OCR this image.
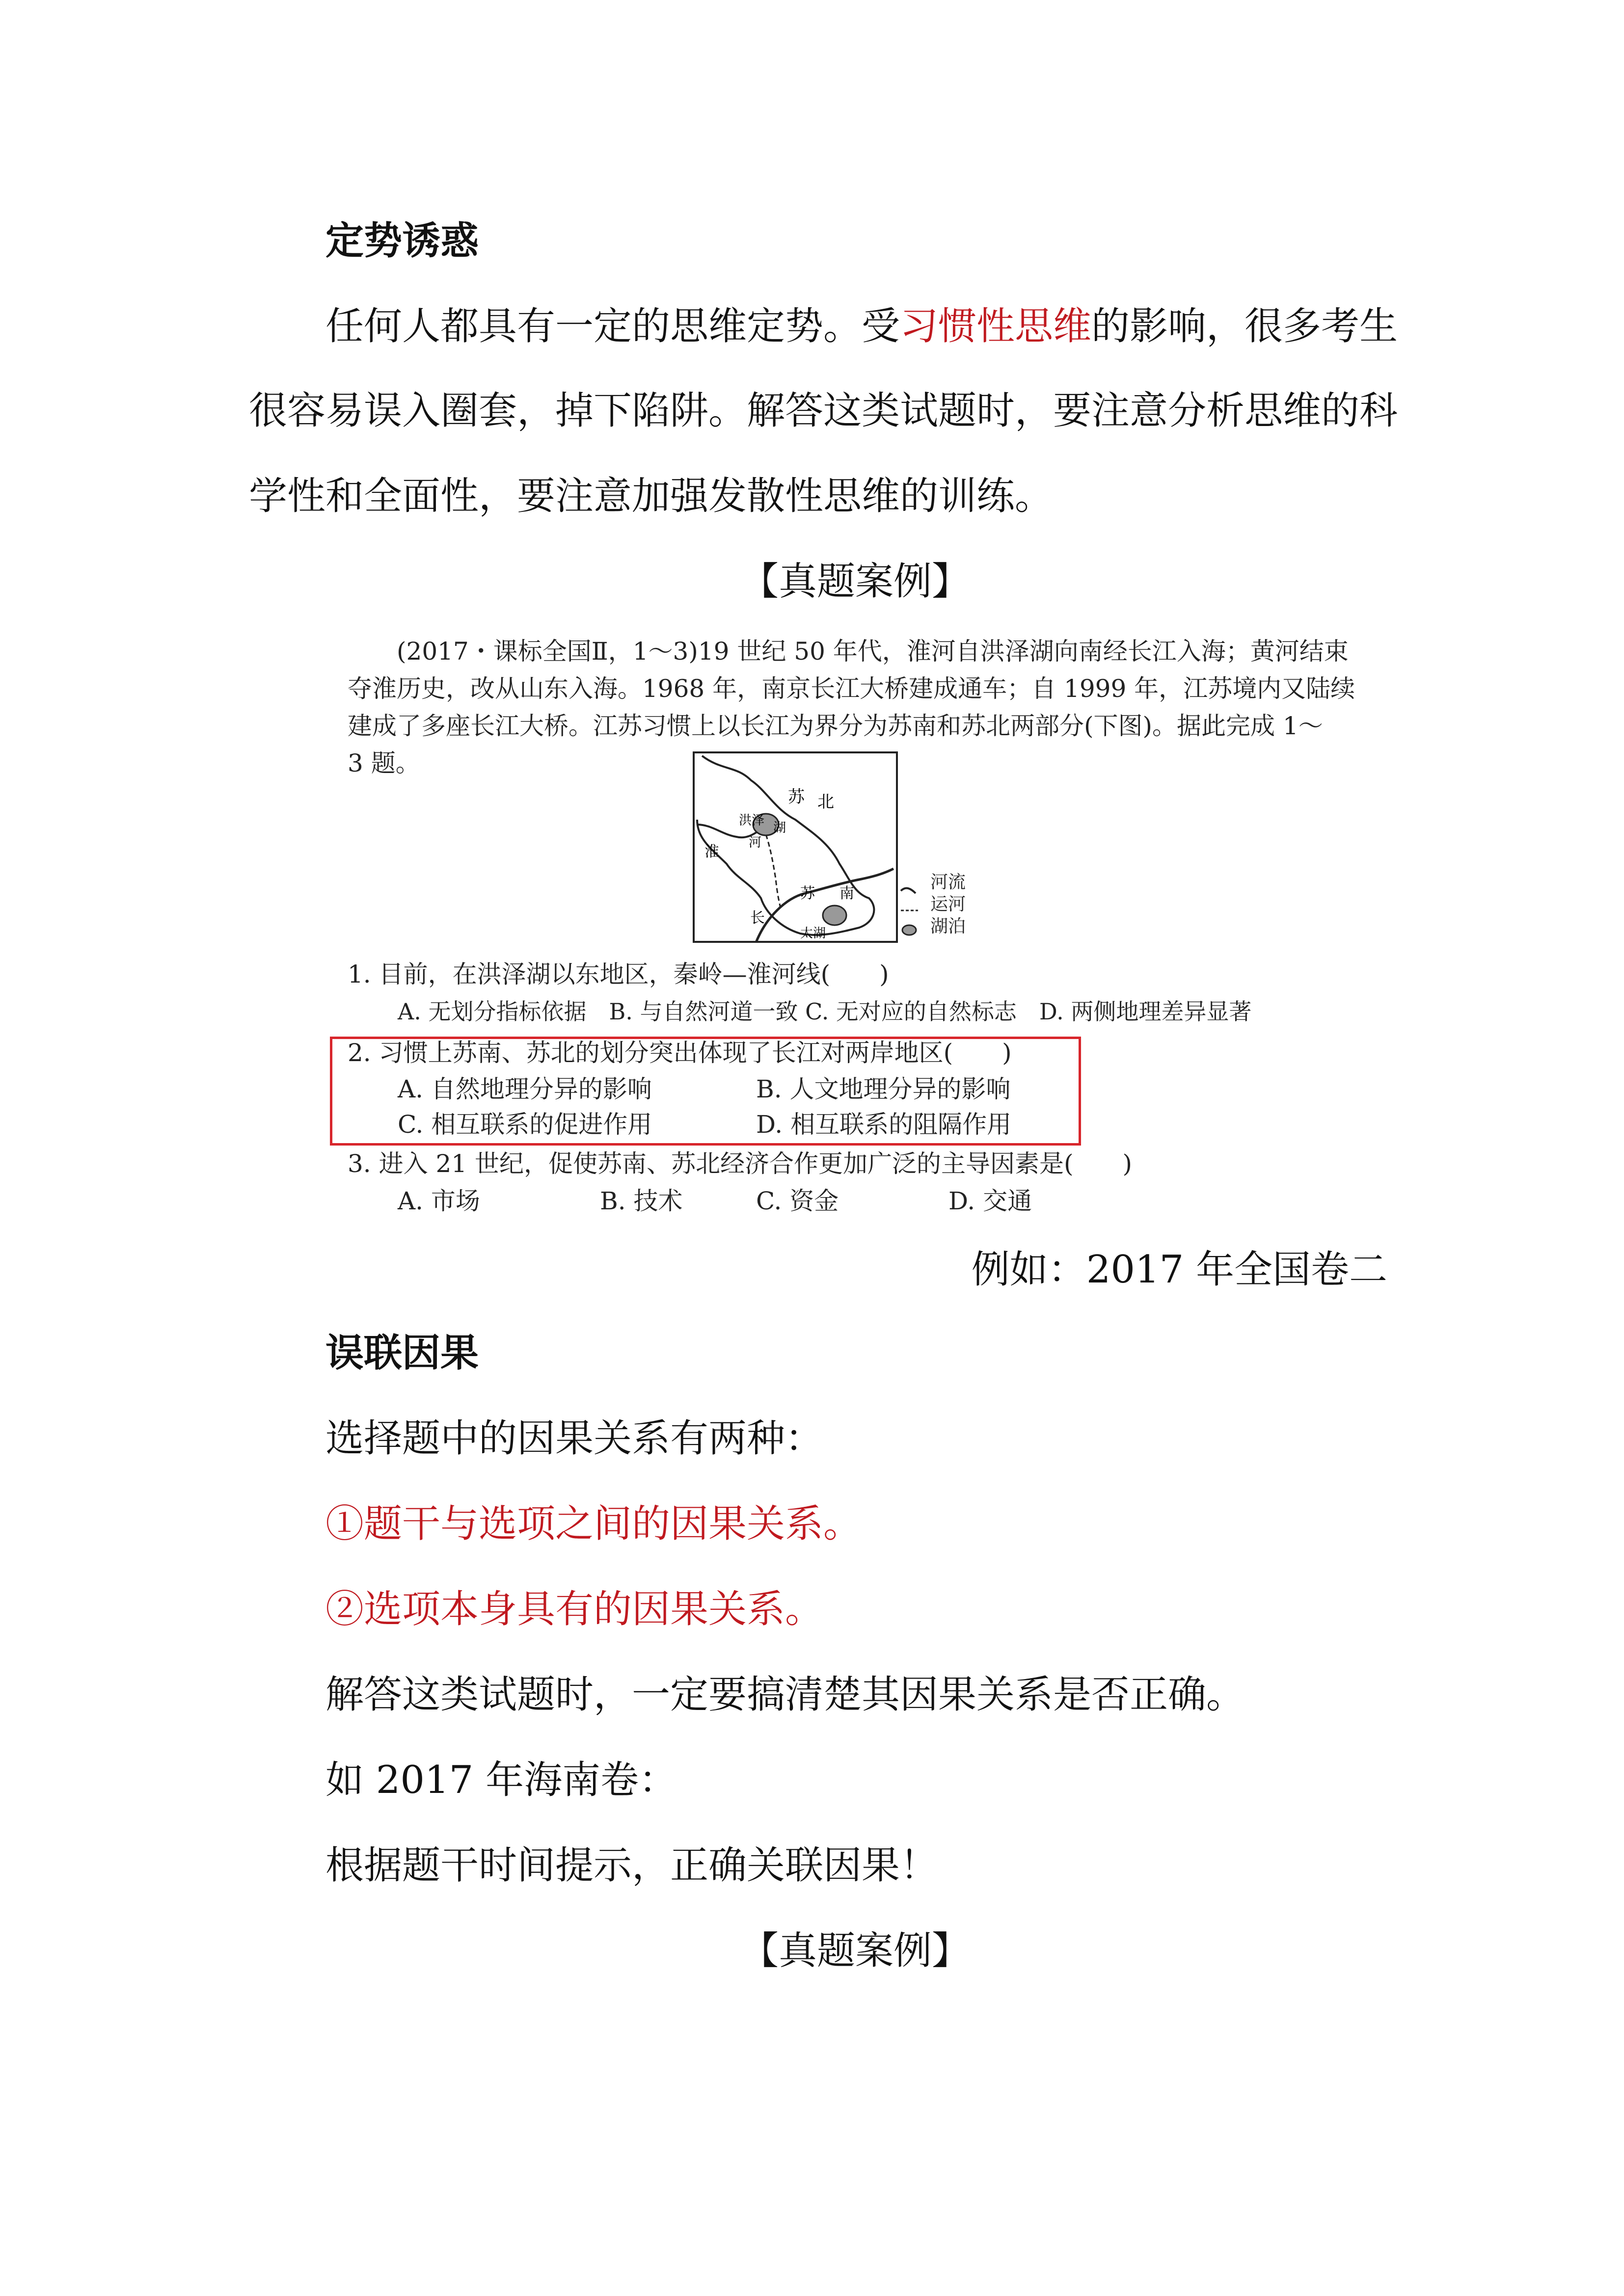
定势诱惑
任何人都具有一定的思维定势。受习惯性思维的影响，很多考生
很容易误入圈套，掉下陷阱。解答这类试题时，要注意分析思维的科
学性和全面性，要注意加强发散性思维的训练。
【真题案例】
(2017・课标全国Ⅱ，1～3)19 世纪 50 年代，淮河自洪泽湖向南经长江入海；黄河结束
夺淮历史，改从山东入海。1968 年，南京长江大桥建成通车；自 1999 年，江苏境内又陆续
建成了多座长江大桥。江苏习惯上以长江为界分为苏南和苏北两部分(下图)。据此完成 1～
3 题。
苏 北
洪泽 湖
河
淮
苏 南
长
太湖
河流
运河
湖泊
1. 目前，在洪泽湖以东地区，秦岭—淮河线(　　)
A. 无划分指标依据　B. 与自然河道一致 C. 无对应的自然标志　D. 两侧地理差异显著
2. 习惯上苏南、苏北的划分突出体现了长江对两岸地区(　　)
A. 自然地理分异的影响	B. 人文地理分异的影响
C. 相互联系的促进作用	D. 相互联系的阻隔作用
3. 进入 21 世纪，促使苏南、苏北经济合作更加广泛的主导因素是(　　)
A. 市场	B. 技术	C. 资金	D. 交通
例如：2017 年全国卷二
误联因果
选择题中的因果关系有两种：
①题干与选项之间的因果关系。
②选项本身具有的因果关系。
解答这类试题时，一定要搞清楚其因果关系是否正确。
如 2017 年海南卷：
根据题干时间提示，正确关联因果！
【真题案例】
